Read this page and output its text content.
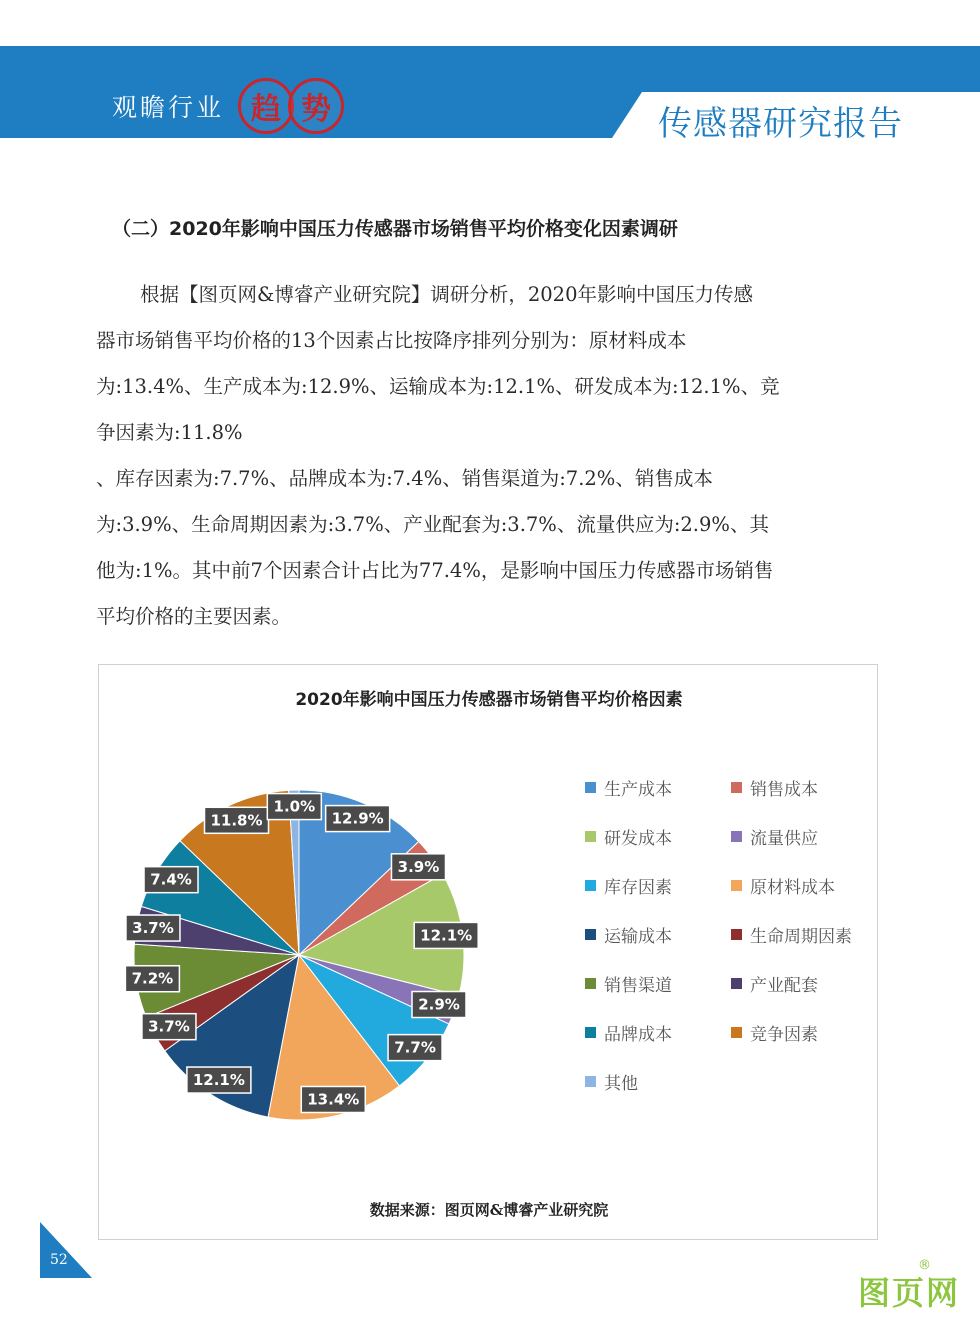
观瞻行业 趋 势	传感器研究报告
（二）2020年影响中国压力传感器市场销售平均价格变化因素调研
根据【图页网&博睿产业研究院】调研分析，2020年影响中国压力传感
器市场销售平均价格的13个因素占比按降序排列分别为：原材料成本
为:13.4%、生产成本为:12.9%、运输成本为:12.1%、研发成本为:12.1%、竞
争因素为:11.8%
、库存因素为:7.7%、品牌成本为:7.4%、销售渠道为:7.2%、销售成本
为:3.9%、生命周期因素为:3.7%、产业配套为:3.7%、流量供应为:2.9%、其
他为:1%。其中前7个因素合计占比为77.4%，是影响中国压力传感器市场销售
平均价格的主要因素。
2020年影响中国压力传感器市场销售平均价格因素
12.9%
3.9%
12.1%
2.9%
7.7%
13.4%
12.1%
3.7%
7.2%
3.7%
7.4%
11.8%
1.0%
生产成本	销售成本
研发成本	流量供应
库存因素	原材料成本
运输成本	生命周期因素
销售渠道	产业配套
品牌成本	竞争因素
其他
数据来源：图页网&博睿产业研究院
52
图页网
®
